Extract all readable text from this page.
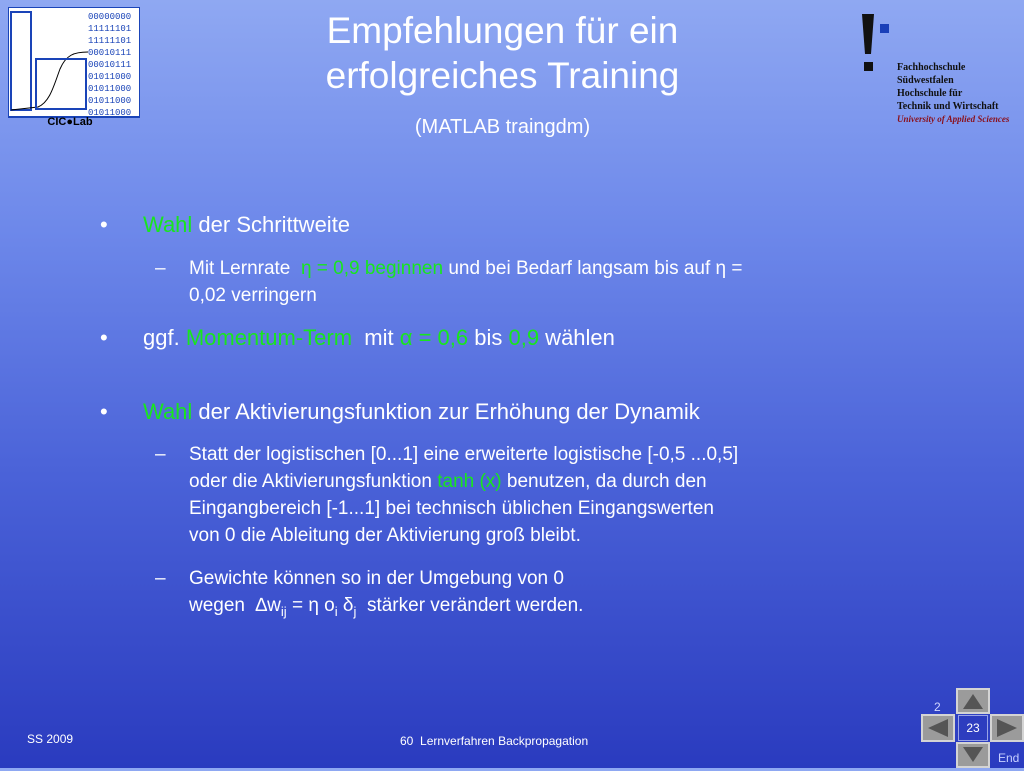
00000000
11111101
11111101
00010111
00010111
01011000
01011000
01011000
01011000
CIC●Lab
Empfehlungen für ein
erfolgreiches Training
(MATLAB traingdm)
Fachhochschule
Südwestfalen
Hochschule für
Technik und Wirtschaft
University of Applied Sciences
• Wahl der Schrittweite
– Mit Lernrate  η = 0,9 beginnen und bei Bedarf langsam bis auf η =
0,02 verringern
• ggf. Momentum-Term  mit α = 0,6 bis 0,9 wählen
• Wahl der Aktivierungsfunktion zur Erhöhung der Dynamik
– Statt der logistischen [0...1] eine erweiterte logistische [-0,5 ...0,5]
oder die Aktivierungsfunktion tanh (x) benutzen, da durch den
Eingangbereich [-1...1] bei technisch üblichen Eingangswerten
von 0 die Ableitung der Aktivierung groß bleibt.
– Gewichte können so in der Umgebung von 0
wegen  $\Delta w_{ij} = \eta$ $o_i$ $\delta_j$  stärker verändert werden.
SS 2009	60  Lernverfahren Backpropagation
2
23
End
